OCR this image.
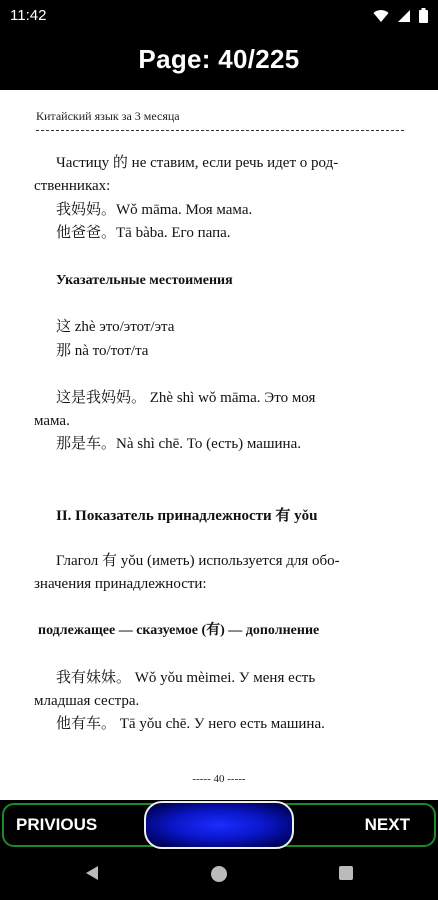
11:42
Page: 40/225
Китайский язык за 3 месяца
Частицу 的 не ставим, если речь идет о род-
ственниках:
我妈妈。Wǒ māma. Моя мама.
他爸爸。Tā bàba. Его папа.
Указательные местоимения
这 zhè это/этот/эта
那 nà то/тот/та
这是我妈妈。 Zhè shì wǒ māma. Это моя
мама.
那是车。Nà shì chē. То (есть) машина.
II. Показатель принадлежности 有 yǒu
Глагол 有 yǒu (иметь) используется для обо-
значения принадлежности:
подлежащее — сказуемое (有) — дополнение
我有妹妹。 Wǒ yǒu mèimei. У меня есть
младшая сестра.
他有车。 Tā yǒu chē. У него есть машина.
----- 40 -----
PRIVIOUS	NEXT
